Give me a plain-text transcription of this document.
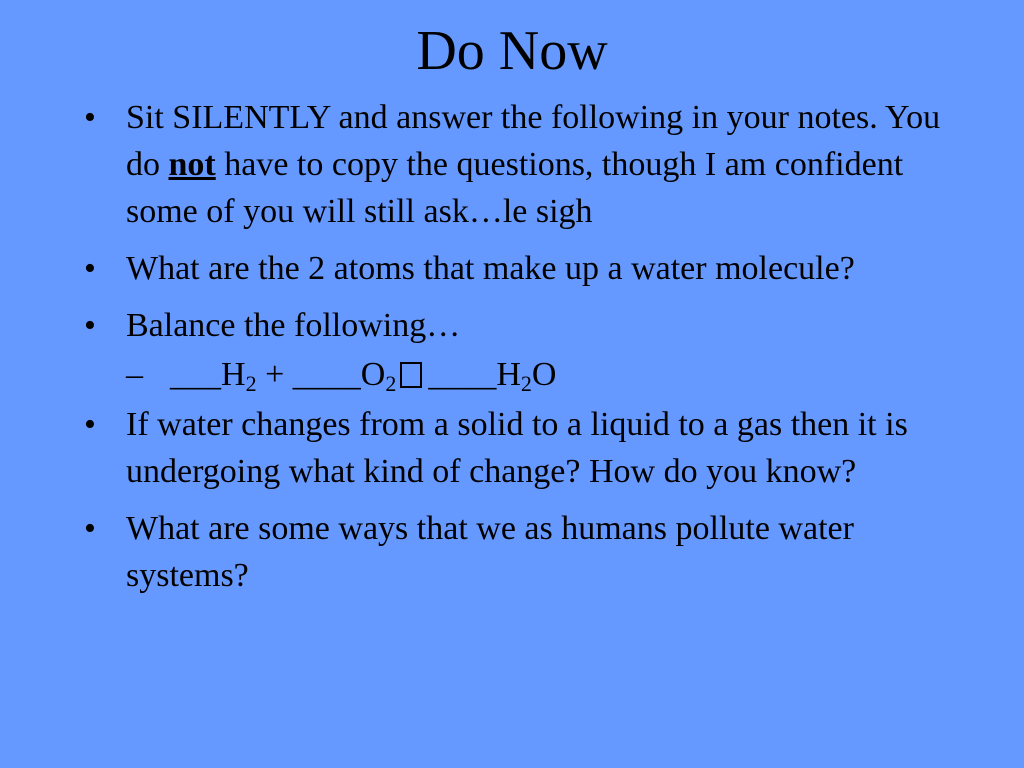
Do Now
• Sit SILENTLY and answer the following in your notes. You do not have to copy the questions, though I am confident some of you will still ask…le sigh
• What are the 2 atoms that make up a water molecule?
• Balance the following…
– $\_\_\_H_2$ + $\_\_\_\_O_2$ $\_\_\_\_H_2O$
• If water changes from a solid to a liquid to a gas then it is undergoing what kind of change? How do you know?
• What are some ways that we as humans pollute water systems?
